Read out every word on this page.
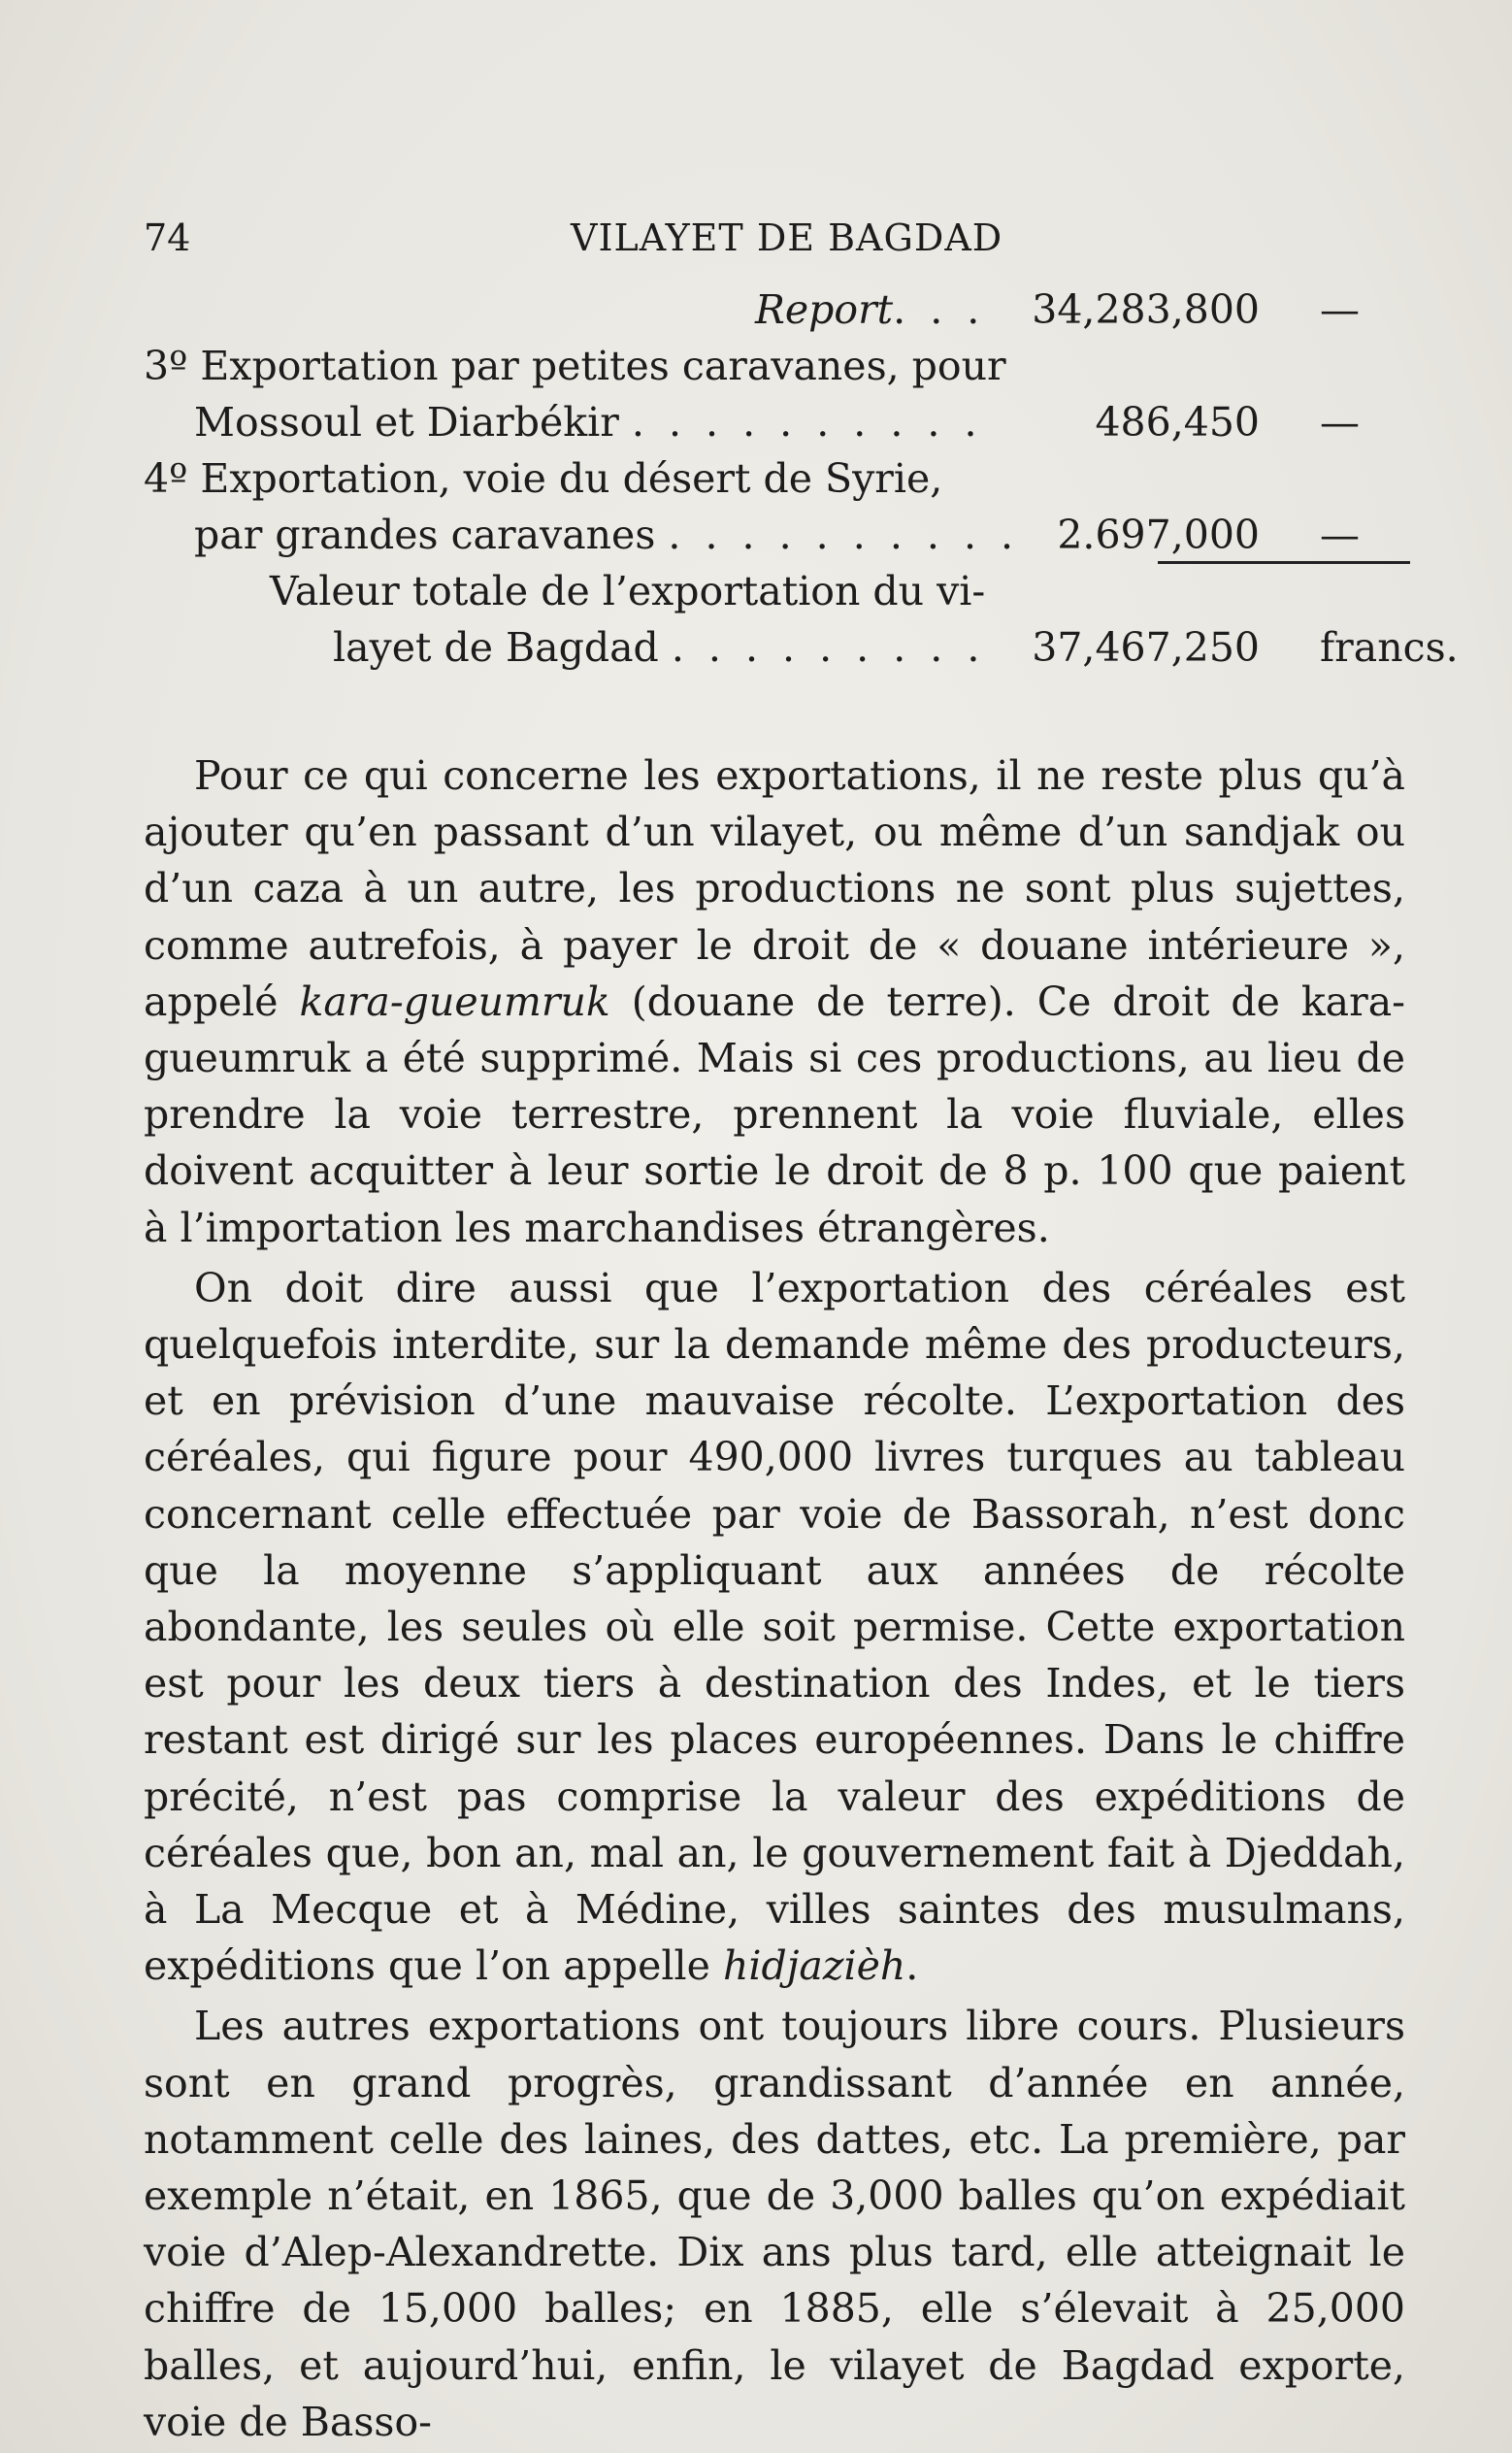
74	VILAYET DE BAGDAD
Report. . . 34,283,800 —
3º Exportation par petites caravanes, pour
Mossoul et Diarbékir . . . . . . . . . .	486,450 —
4º Exportation, voie du désert de Syrie,
par grandes caravanes . . . . . . . . . . 2.697,000 —
Valeur totale de l’exportation du vi-
layet de Bagdad . . . . . . . . . 37,467,250 francs.

Pour ce qui concerne les exportations, il ne reste plus qu’à ajouter qu’en passant d’un vilayet, ou même d’un sandjak ou d’un caza à un autre, les productions ne sont plus sujettes, comme autrefois, à payer le droit de « douane intérieure », appelé kara-gueumruk (douane de terre). Ce droit de kara-gueumruk a été supprimé. Mais si ces productions, au lieu de prendre la voie terrestre, prennent la voie fluviale, elles doivent acquitter à leur sortie le droit de 8 p. 100 que paient à l’importation les marchandises étrangères.

On doit dire aussi que l’exportation des céréales est quelquefois interdite, sur la demande même des producteurs, et en prévision d’une mauvaise récolte. L’exportation des céréales, qui figure pour 490,000 livres turques au tableau concernant celle effectuée par voie de Bassorah, n’est donc que la moyenne s’appliquant aux années de récolte abondante, les seules où elle soit permise. Cette exportation est pour les deux tiers à destination des Indes, et le tiers restant est dirigé sur les places européennes. Dans le chiffre précité, n’est pas comprise la valeur des expéditions de céréales que, bon an, mal an, le gouvernement fait à Djeddah, à La Mecque et à Médine, villes saintes des musulmans, expéditions que l’on appelle hidjazièh.

Les autres exportations ont toujours libre cours. Plusieurs sont en grand progrès, grandissant d’année en année, notamment celle des laines, des dattes, etc. La première, par exemple n’était, en 1865, que de 3,000 balles qu’on expédiait voie d’Alep-Alexandrette. Dix ans plus tard, elle atteignait le chiffre de 15,000 balles; en 1885, elle s’élevait à 25,000 balles, et aujourd’hui, enfin, le vilayet de Bagdad exporte, voie de Basso-
